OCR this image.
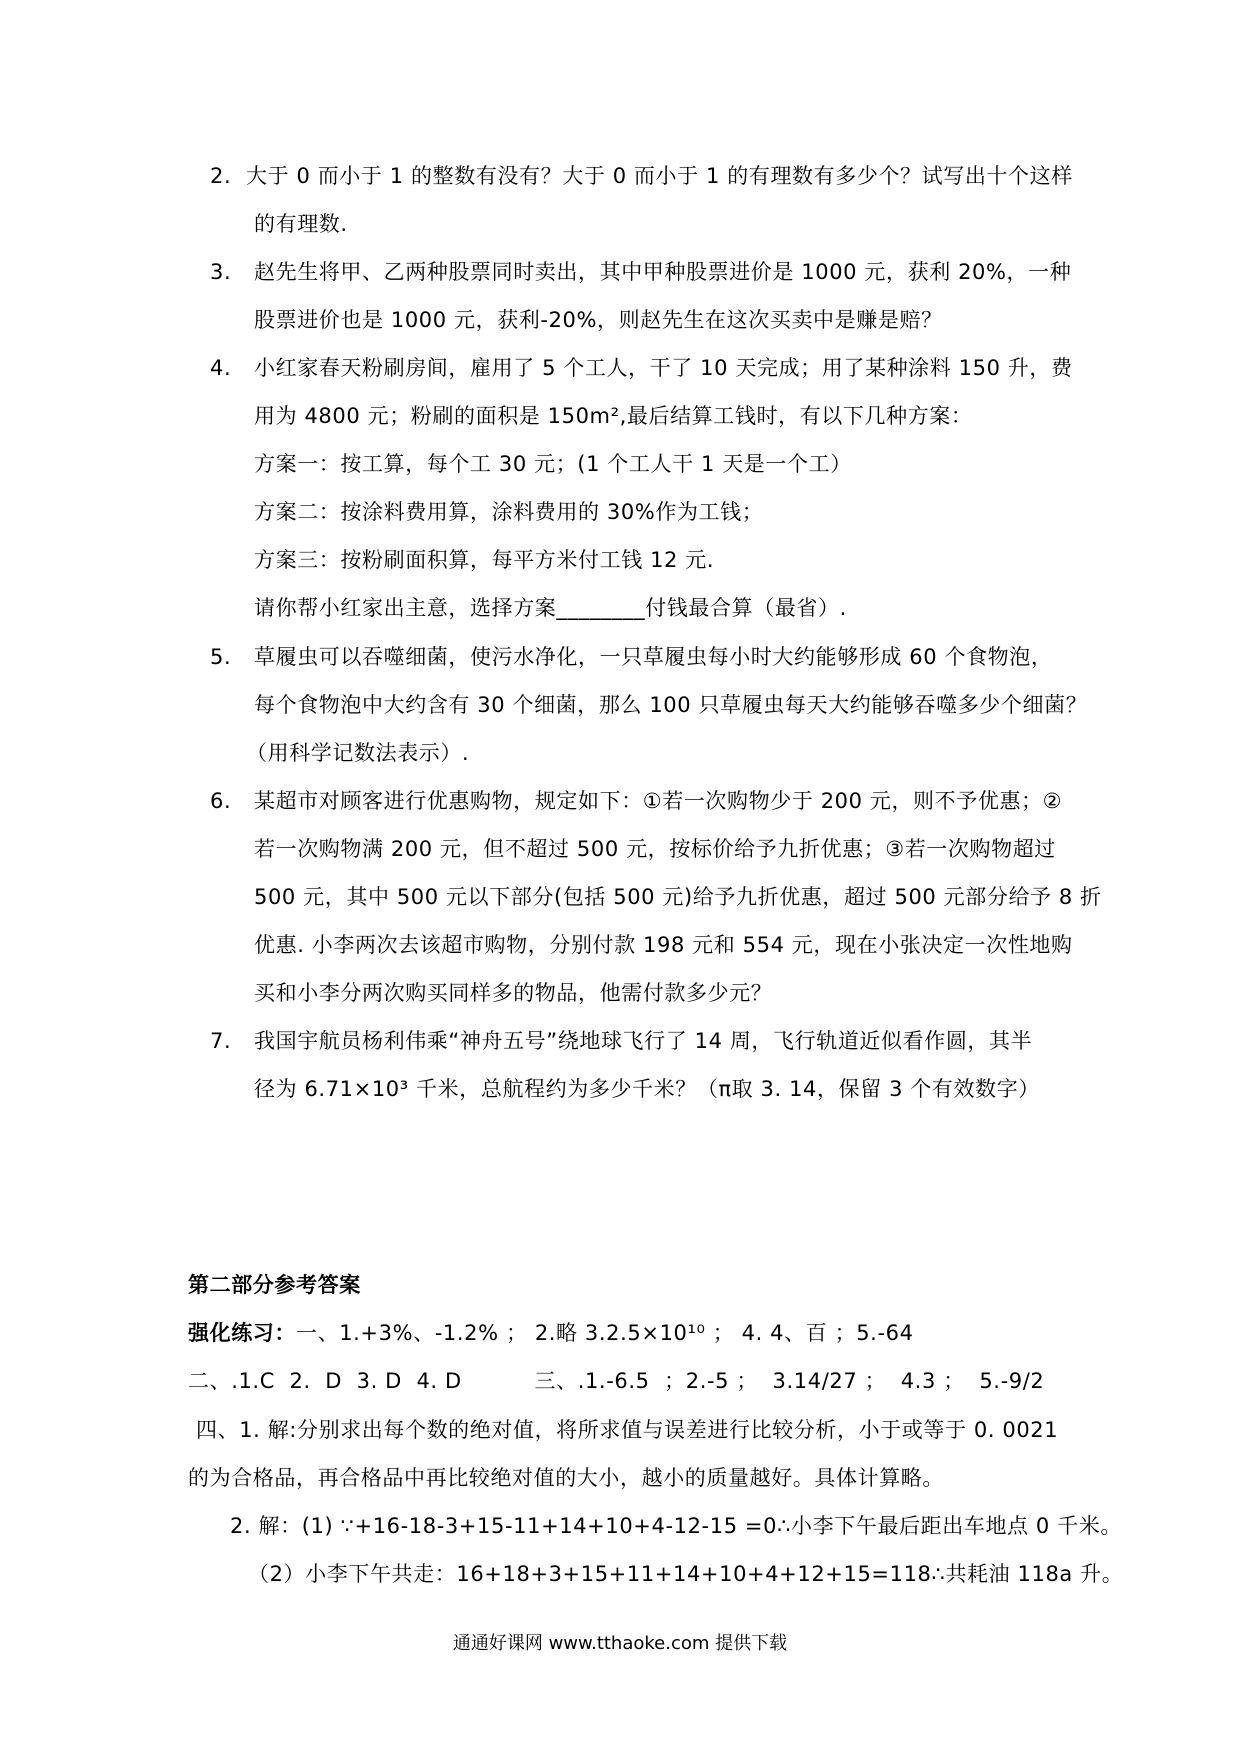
2. 大于 0 而小于 1 的整数有没有？大于 0 而小于 1 的有理数有多少个？试写出十个这样
的有理数.
3. 赵先生将甲、乙两种股票同时卖出，其中甲种股票进价是 1000 元，获利 20%，一种
股票进价也是 1000 元，获利-20%，则赵先生在这次买卖中是赚是赔？
4. 小红家春天粉刷房间，雇用了 5 个工人，干了 10 天完成；用了某种涂料 150 升，费
用为 4800 元；粉刷的面积是 150m²,最后结算工钱时，有以下几种方案：
方案一：按工算，每个工 30 元；(1 个工人干 1 天是一个工）
方案二：按涂料费用算，涂料费用的 30%作为工钱；
方案三：按粉刷面积算，每平方米付工钱 12 元.
请你帮小红家出主意，选择方案________付钱最合算（最省）.
5. 草履虫可以吞噬细菌，使污水净化，一只草履虫每小时大约能够形成 60 个食物泡，
每个食物泡中大约含有 30 个细菌，那么 100 只草履虫每天大约能够吞噬多少个细菌？
（用科学记数法表示）.
6. 某超市对顾客进行优惠购物，规定如下：①若一次购物少于 200 元，则不予优惠；②
若一次购物满 200 元，但不超过 500 元，按标价给予九折优惠；③若一次购物超过
500 元，其中 500 元以下部分(包括 500 元)给予九折优惠，超过 500 元部分给予 8 折
优惠. 小李两次去该超市购物，分别付款 198 元和 554 元，现在小张决定一次性地购
买和小李分两次购买同样多的物品，他需付款多少元？
7. 我国宇航员杨利伟乘“神舟五号”绕地球飞行了 14 周，飞行轨道近似看作圆，其半
径为 6.71×10³ 千米，总航程约为多少千米？（π取 3. 14，保留 3 个有效数字）
第二部分参考答案
强化练习：一、1.+3%、-1.2% ； 2.略 3.2.5×10¹⁰ ； 4. 4、百 ；5.-64
二、.1.C  2.  D  3. D  4. D          三、.1.-6.5  ；2.-5 ；  3.14/27 ；  4.3 ；  5.-9/2
四、1. 解:分别求出每个数的绝对值，将所求值与误差进行比较分析，小于或等于 0. 0021
的为合格品，再合格品中再比较绝对值的大小，越小的质量越好。具体计算略。
2. 解：(1) ∵+16-18-3+15-11+14+10+4-12-15 =0∴小李下午最后距出车地点 0 千米。
（2）小李下午共走：16+18+3+15+11+14+10+4+12+15=118∴共耗油 118a 升。
通通好课网 www.tthaoke.com 提供下载
